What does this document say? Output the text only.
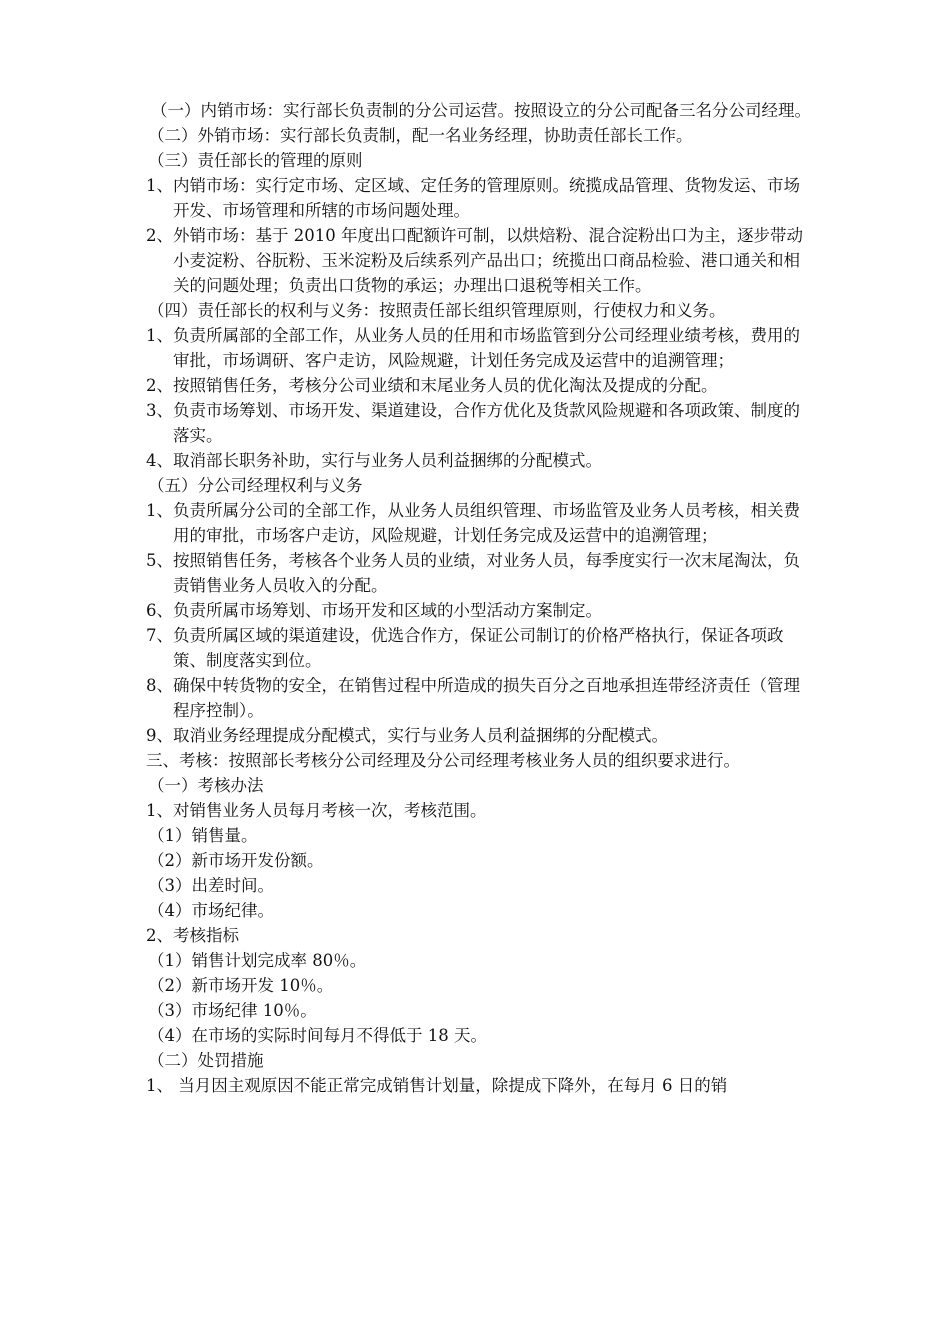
（一）内销市场：实行部长负责制的分公司运营。按照设立的分公司配备三名分公司经理。

（二）外销市场：实行部长负责制，配一名业务经理，协助责任部长工作。

（三）责任部长的管理的原则

1、内销市场：实行定市场、定区域、定任务的管理原则。统揽成品管理、货物发运、市场开发、市场管理和所辖的市场问题处理。

2、外销市场：基于 2010 年度出口配额许可制，以烘焙粉、混合淀粉出口为主，逐步带动小麦淀粉、谷朊粉、玉米淀粉及后续系列产品出口；统揽出口商品检验、港口通关和相关的问题处理；负责出口货物的承运；办理出口退税等相关工作。

（四）责任部长的权利与义务：按照责任部长组织管理原则，行使权力和义务。

1、负责所属部的全部工作，从业务人员的任用和市场监管到分公司经理业绩考核，费用的审批，市场调研、客户走访，风险规避，计划任务完成及运营中的追溯管理；

2、按照销售任务，考核分公司业绩和末尾业务人员的优化淘汰及提成的分配。

3、负责市场筹划、市场开发、渠道建设，合作方优化及货款风险规避和各项政策、制度的落实。

4、取消部长职务补助，实行与业务人员利益捆绑的分配模式。

（五）分公司经理权利与义务

1、负责所属分公司的全部工作，从业务人员组织管理、市场监管及业务人员考核，相关费用的审批，市场客户走访，风险规避，计划任务完成及运营中的追溯管理；

5、按照销售任务，考核各个业务人员的业绩，对业务人员，每季度实行一次末尾淘汰，负责销售业务人员收入的分配。

6、负责所属市场筹划、市场开发和区域的小型活动方案制定。

7、负责所属区域的渠道建设，优选合作方，保证公司制订的价格严格执行，保证各项政策、制度落实到位。

8、确保中转货物的安全，在销售过程中所造成的损失百分之百地承担连带经济责任（管理程序控制）。

9、取消业务经理提成分配模式，实行与业务人员利益捆绑的分配模式。

三、考核：按照部长考核分公司经理及分公司经理考核业务人员的组织要求进行。

（一）考核办法

1、对销售业务人员每月考核一次，考核范围。

（1）销售量。

（2）新市场开发份额。

（3）出差时间。

（4）市场纪律。

2、考核指标

（1）销售计划完成率 80％。

（2）新市场开发 10％。

（3）市场纪律 10％。

（4）在市场的实际时间每月不得低于 18 天。

（二）处罚措施

1、 当月因主观原因不能正常完成销售计划量，除提成下降外，在每月 6 日的销
